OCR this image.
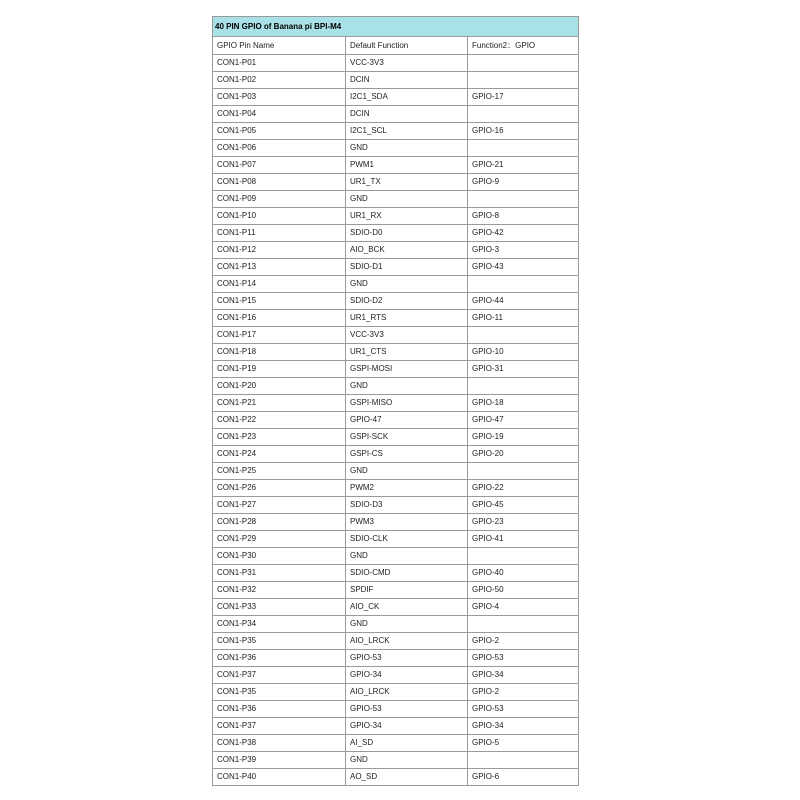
40 PIN GPIO of Banana pi BPI-M4		
GPIO Pin Name	Default Function	Function2：GPIO
CON1-P01	VCC-3V3	
CON1-P02	DCIN	
CON1-P03	I2C1_SDA	GPIO-17
CON1-P04	DCIN	
CON1-P05	I2C1_SCL	GPIO-16
CON1-P06	GND	
CON1-P07	PWM1	GPIO-21
CON1-P08	UR1_TX	GPIO-9
CON1-P09	GND	
CON1-P10	UR1_RX	GPIO-8
CON1-P11	SDIO-D0	GPIO-42
CON1-P12	AIO_BCK	GPIO-3
CON1-P13	SDIO-D1	GPIO-43
CON1-P14	GND	
CON1-P15	SDIO-D2	GPIO-44
CON1-P16	UR1_RTS	GPIO-11
CON1-P17	VCC-3V3	
CON1-P18	UR1_CTS	GPIO-10
CON1-P19	GSPI-MOSI	GPIO-31
CON1-P20	GND	
CON1-P21	GSPI-MISO	GPIO-18
CON1-P22	GPIO-47	GPIO-47
CON1-P23	GSPI-SCK	GPIO-19
CON1-P24	GSPI-CS	GPIO-20
CON1-P25	GND	
CON1-P26	PWM2	GPIO-22
CON1-P27	SDIO-D3	GPIO-45
CON1-P28	PWM3	GPIO-23
CON1-P29	SDIO-CLK	GPIO-41
CON1-P30	GND	
CON1-P31	SDIO-CMD	GPIO-40
CON1-P32	SPDIF	GPIO-50
CON1-P33	AIO_CK	GPIO-4
CON1-P34	GND	
CON1-P35	AIO_LRCK	GPIO-2
CON1-P36	GPIO-53	GPIO-53
CON1-P37	GPIO-34	GPIO-34
CON1-P35	AIO_LRCK	GPIO-2
CON1-P36	GPIO-53	GPIO-53
CON1-P37	GPIO-34	GPIO-34
CON1-P38	AI_SD	GPIO-5
CON1-P39	GND	
CON1-P40	AO_SD	GPIO-6
